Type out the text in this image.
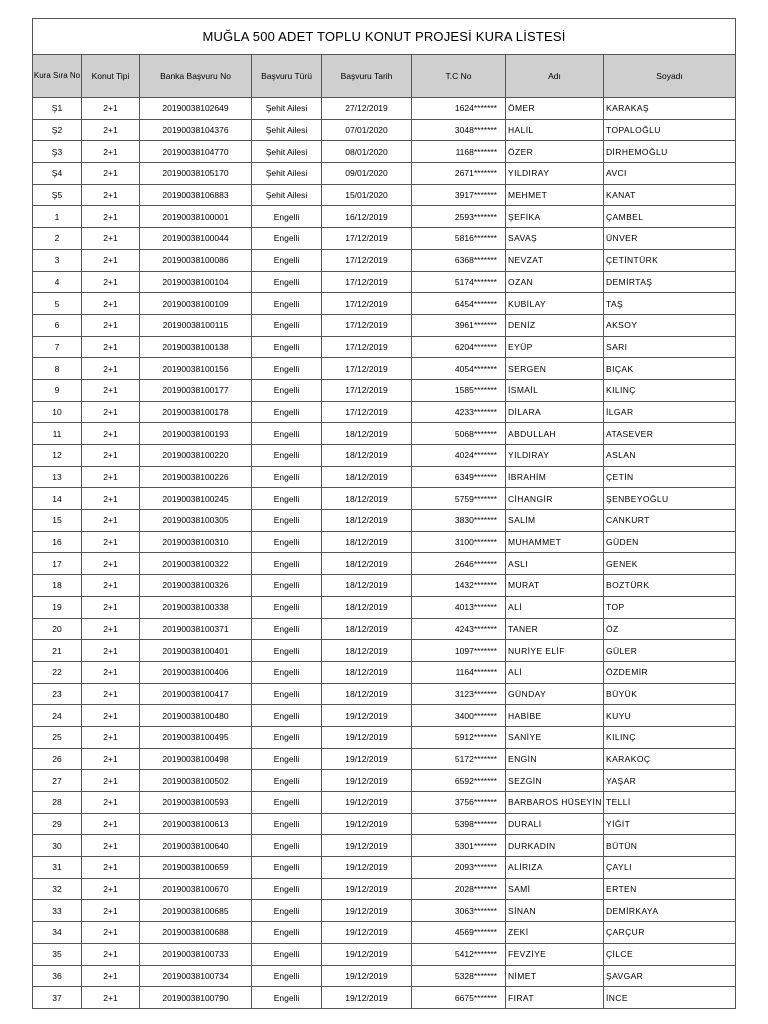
MUĞLA 500 ADET TOPLU KONUT PROJESİ KURA LİSTESİ							
Kura Sıra No	Konut Tipi	Banka Başvuru No	Başvuru Türü	Başvuru Tarih	T.C No	Adı	Soyadı
Ş1	2+1	20190038102649	Şehit Ailesi	27/12/2019	1624*******	ÖMER	KARAKAŞ
Ş2	2+1	20190038104376	Şehit Ailesi	07/01/2020	3048*******	HALİL	TOPALOĞLU
Ş3	2+1	20190038104770	Şehit Ailesi	08/01/2020	1168*******	ÖZER	DİRHEMOĞLU
Ş4	2+1	20190038105170	Şehit Ailesi	09/01/2020	2671*******	YILDIRAY	AVCI
Ş5	2+1	20190038106883	Şehit Ailesi	15/01/2020	3917*******	MEHMET	KANAT
1	2+1	20190038100001	Engelli	16/12/2019	2593*******	ŞEFİKA	ÇAMBEL
2	2+1	20190038100044	Engelli	17/12/2019	5816*******	SAVAŞ	ÜNVER
3	2+1	20190038100086	Engelli	17/12/2019	6368*******	NEVZAT	ÇETİNTÜRK
4	2+1	20190038100104	Engelli	17/12/2019	5174*******	OZAN	DEMİRTAŞ
5	2+1	20190038100109	Engelli	17/12/2019	6454*******	KUBİLAY	TAŞ
6	2+1	20190038100115	Engelli	17/12/2019	3961*******	DENİZ	AKSOY
7	2+1	20190038100138	Engelli	17/12/2019	6204*******	EYÜP	SARI
8	2+1	20190038100156	Engelli	17/12/2019	4054*******	SERGEN	BIÇAK
9	2+1	20190038100177	Engelli	17/12/2019	1585*******	İSMAİL	KILINÇ
10	2+1	20190038100178	Engelli	17/12/2019	4233*******	DİLARA	İLGAR
11	2+1	20190038100193	Engelli	18/12/2019	5068*******	ABDULLAH	ATASEVER
12	2+1	20190038100220	Engelli	18/12/2019	4024*******	YILDIRAY	ASLAN
13	2+1	20190038100226	Engelli	18/12/2019	6349*******	İBRAHİM	ÇETİN
14	2+1	20190038100245	Engelli	18/12/2019	5759*******	CİHANGİR	ŞENBEYOĞLU
15	2+1	20190038100305	Engelli	18/12/2019	3830*******	SALİM	CANKURT
16	2+1	20190038100310	Engelli	18/12/2019	3100*******	MUHAMMET	GÜDEN
17	2+1	20190038100322	Engelli	18/12/2019	2646*******	ASLI	GENEK
18	2+1	20190038100326	Engelli	18/12/2019	1432*******	MURAT	BOZTÜRK
19	2+1	20190038100338	Engelli	18/12/2019	4013*******	ALİ	TOP
20	2+1	20190038100371	Engelli	18/12/2019	4243*******	TANER	ÖZ
21	2+1	20190038100401	Engelli	18/12/2019	1097*******	NURİYE ELİF	GÜLER
22	2+1	20190038100406	Engelli	18/12/2019	1164*******	ALİ	ÖZDEMİR
23	2+1	20190038100417	Engelli	18/12/2019	3123*******	GÜNDAY	BÜYÜK
24	2+1	20190038100480	Engelli	19/12/2019	3400*******	HABİBE	KUYU
25	2+1	20190038100495	Engelli	19/12/2019	5912*******	SANİYE	KILINÇ
26	2+1	20190038100498	Engelli	19/12/2019	5172*******	ENGİN	KARAKOÇ
27	2+1	20190038100502	Engelli	19/12/2019	6592*******	SEZGİN	YAŞAR
28	2+1	20190038100593	Engelli	19/12/2019	3756*******	BARBAROS HÜSEYİN	TELLİ
29	2+1	20190038100613	Engelli	19/12/2019	5398*******	DURALİ	YİĞİT
30	2+1	20190038100640	Engelli	19/12/2019	3301*******	DURKADIN	BÜTÜN
31	2+1	20190038100659	Engelli	19/12/2019	2093*******	ALİRIZA	ÇAYLI
32	2+1	20190038100670	Engelli	19/12/2019	2028*******	SAMİ	ERTEN
33	2+1	20190038100685	Engelli	19/12/2019	3063*******	SİNAN	DEMİRKAYA
34	2+1	20190038100688	Engelli	19/12/2019	4569*******	ZEKİ	ÇARÇUR
35	2+1	20190038100733	Engelli	19/12/2019	5412*******	FEVZİYE	ÇİLCE
36	2+1	20190038100734	Engelli	19/12/2019	5328*******	NİMET	ŞAVGAR
37	2+1	20190038100790	Engelli	19/12/2019	6675*******	FIRAT	İNCE
